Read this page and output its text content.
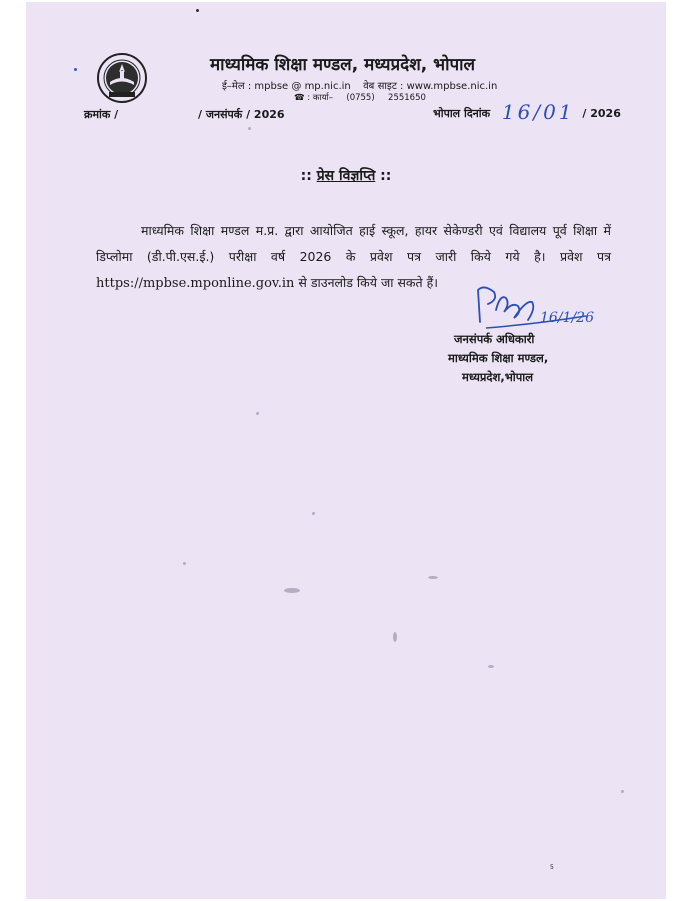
माध्यमिक शिक्षा मण्डल, मध्यप्रदेश, भोपाल
ई–मेल : mpbse @ mp.nic.in वेब साइट : www.mpbse.nic.in
☎ : कार्या– (0755) 2551650
क्रमांक /	/ जनसंपर्क / 2026	भोपाल दिनांक 16/01 / 2026
:: प्रेस विज्ञप्ति ::
माध्यमिक शिक्षा मण्डल म.प्र. द्वारा आयोजित हाई स्कूल, हायर सेकेण्डरी एवं विद्यालय पूर्व शिक्षा में डिप्लोमा (डी.पी.एस.ई.) परीक्षा वर्ष 2026 के प्रवेश पत्र जारी किये गये है। प्रवेश पत्र https://mpbse.mponline.gov.in से डाउनलोड किये जा सकते हैं।
16/1/26
जनसंपर्क अधिकारी
माध्यमिक शिक्षा मण्डल,
मध्यप्रदेश,भोपाल
5
